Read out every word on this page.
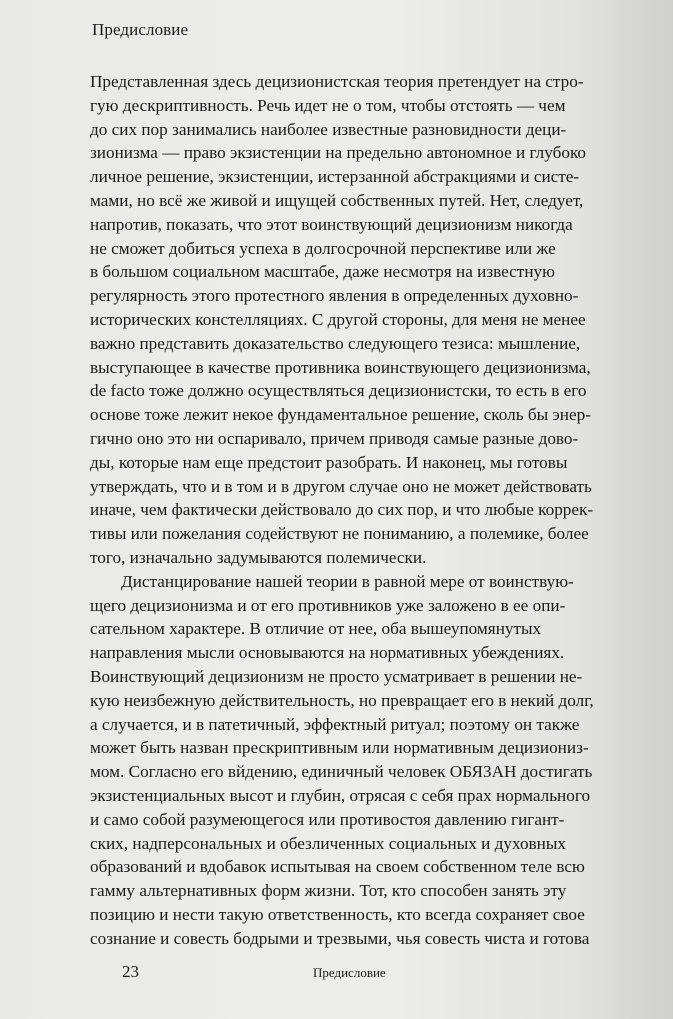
Предисловие
Представленная здесь децизионистская теория претендует на стро-
гую дескриптивность. Речь идет не о том, чтобы отстоять — чем
до сих пор занимались наиболее известные разновидности деци-
зионизма — право экзистенции на предельно автономное и глубоко
личное решение, экзистенции, истерзанной абстракциями и систе-
мами, но всё же живой и ищущей собственных путей. Нет, следует,
напротив, показать, что этот воинствующий децизионизм никогда
не сможет добиться успеха в долгосрочной перспективе или же
в большом социальном масштабе, даже несмотря на известную
регулярность этого протестного явления в определенных духовно-
исторических констелляциях. С другой стороны, для меня не менее
важно представить доказательство следующего тезиса: мышление,
выступающее в качестве противника воинствующего децизионизма,
de facto тоже должно осуществляться децизионистски, то есть в его
основе тоже лежит некое фундаментальное решение, сколь бы энер-
гично оно это ни оспаривало, причем приводя самые разные дово-
ды, которые нам еще предстоит разобрать. И наконец, мы готовы
утверждать, что и в том и в другом случае оно не может действовать
иначе, чем фактически действовало до сих пор, и что любые коррек-
тивы или пожелания содействуют не пониманию, а полемике, более
того, изначально задумываются полемически.
Дистанцирование нашей теории в равной мере от воинствую-
щего децизионизма и от его противников уже заложено в ее опи-
сательном характере. В отличие от нее, оба вышеупомянутых
направления мысли основываются на нормативных убеждениях.
Воинствующий децизионизм не просто усматривает в решении не-
кую неизбежную действительность, но превращает его в некий долг,
а случается, и в патетичный, эффектный ритуал; поэтому он также
может быть назван прескриптивным или нормативным децизиониз-
мом. Согласно его вйдению, единичный человек ОБЯЗАН достигать
экзистенциальных высот и глубин, отрясая с себя прах нормального
и само собой разумеющегося или противостоя давлению гигант-
ских, надперсональных и обезличенных социальных и духовных
образований и вдобавок испытывая на своем собственном теле всю
гамму альтернативных форм жизни. Тот, кто способен занять эту
позицию и нести такую ответственность, кто всегда сохраняет свое
сознание и совесть бодрыми и трезвыми, чья совесть чиста и готова
23	Предисловие
